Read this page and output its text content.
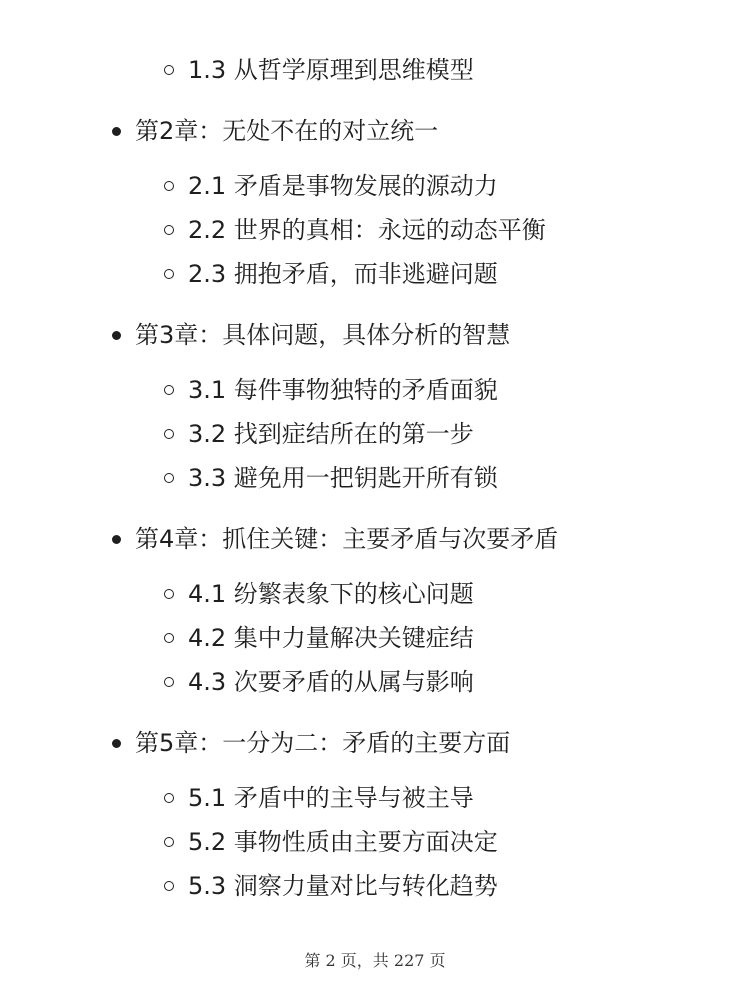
1.3 从哲学原理到思维模型
第2章：无处不在的对立统一
2.1 矛盾是事物发展的源动力
2.2 世界的真相：永远的动态平衡
2.3 拥抱矛盾，而非逃避问题
第3章：具体问题，具体分析的智慧
3.1 每件事物独特的矛盾面貌
3.2 找到症结所在的第一步
3.3 避免用一把钥匙开所有锁
第4章：抓住关键：主要矛盾与次要矛盾
4.1 纷繁表象下的核心问题
4.2 集中力量解决关键症结
4.3 次要矛盾的从属与影响
第5章：一分为二：矛盾的主要方面
5.1 矛盾中的主导与被主导
5.2 事物性质由主要方面决定
5.3 洞察力量对比与转化趋势
第 2 页，共 227 页
